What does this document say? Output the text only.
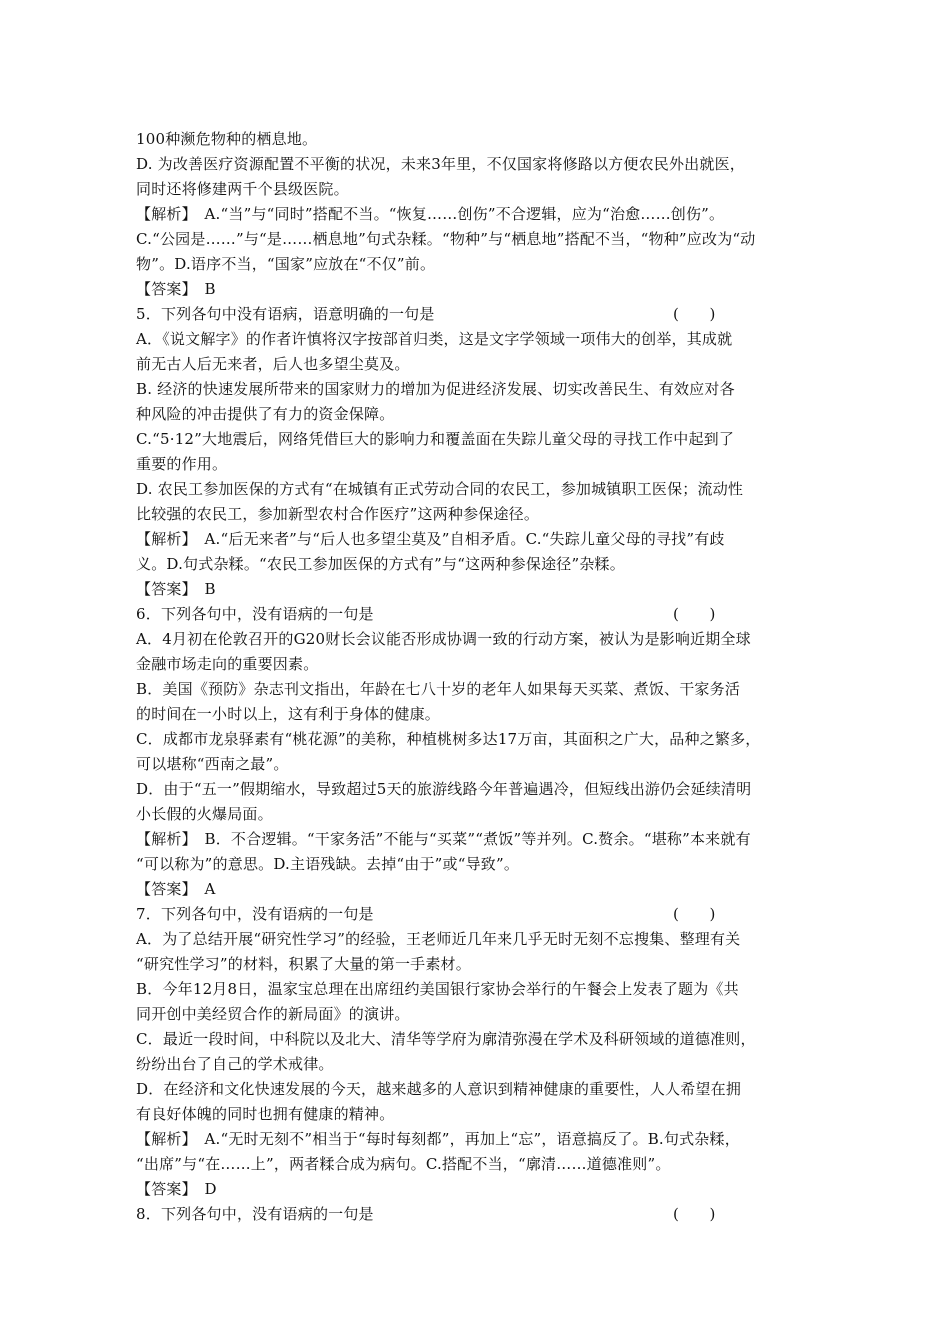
100种濒危物种的栖息地。
D. 为改善医疗资源配置不平衡的状况，未来3年里，不仅国家将修路以方便农民外出就医，
同时还将修建两千个县级医院。
【解析】　A.“当”与“同时”搭配不当。“恢复……创伤”不合逻辑，应为“治愈……创伤”。
C.“公园是……”与“是……栖息地”句式杂糅。“物种”与“栖息地”搭配不当，“物种”应改为“动
物”。D.语序不当，“国家”应放在“不仅”前。
【答案】　B
5．下列各句中没有语病，语意明确的一句是	(　　)
A．《说文解字》的作者许慎将汉字按部首归类，这是文字学领域一项伟大的创举，其成就
前无古人后无来者，后人也多望尘莫及。
B. 经济的快速发展所带来的国家财力的增加为促进经济发展、切实改善民生、有效应对各
种风险的冲击提供了有力的资金保障。
C.“5·12”大地震后，网络凭借巨大的影响力和覆盖面在失踪儿童父母的寻找工作中起到了
重要的作用。
D. 农民工参加医保的方式有“在城镇有正式劳动合同的农民工，参加城镇职工医保；流动性
比较强的农民工，参加新型农村合作医疗”这两种参保途径。
【解析】　A.“后无来者”与“后人也多望尘莫及”自相矛盾。C.“失踪儿童父母的寻找”有歧
义。D.句式杂糅。“农民工参加医保的方式有”与“这两种参保途径”杂糅。
【答案】　B
6．下列各句中，没有语病的一句是	(　　)
A．4月初在伦敦召开的G20财长会议能否形成协调一致的行动方案，被认为是影响近期全球
金融市场走向的重要因素。
B．美国《预防》杂志刊文指出，年龄在七八十岁的老年人如果每天买菜、煮饭、干家务活
的时间在一小时以上，这有利于身体的健康。
C．成都市龙泉驿素有“桃花源”的美称，种植桃树多达17万亩，其面积之广大，品种之繁多，
可以堪称“西南之最”。
D．由于“五一”假期缩水，导致超过5天的旅游线路今年普遍遇冷，但短线出游仍会延续清明
小长假的火爆局面。
【解析】　B．不合逻辑。“干家务活”不能与“买菜”“煮饭”等并列。C.赘余。“堪称”本来就有
“可以称为”的意思。D.主语残缺。去掉“由于”或“导致”。
【答案】　A
7．下列各句中，没有语病的一句是	(　　)
A．为了总结开展“研究性学习”的经验，王老师近几年来几乎无时无刻不忘搜集、整理有关
“研究性学习”的材料，积累了大量的第一手素材。
B．今年12月8日，温家宝总理在出席纽约美国银行家协会举行的午餐会上发表了题为《共
同开创中美经贸合作的新局面》的演讲。
C．最近一段时间，中科院以及北大、清华等学府为廓清弥漫在学术及科研领域的道德准则，
纷纷出台了自己的学术戒律。
D．在经济和文化快速发展的今天，越来越多的人意识到精神健康的重要性，人人希望在拥
有良好体魄的同时也拥有健康的精神。
【解析】　A.“无时无刻不”相当于“每时每刻都”，再加上“忘”，语意搞反了。B.句式杂糅，
“出席”与“在……上”，两者糅合成为病句。C.搭配不当，“廓清……道德准则”。
【答案】　D
8．下列各句中，没有语病的一句是	(　　)
